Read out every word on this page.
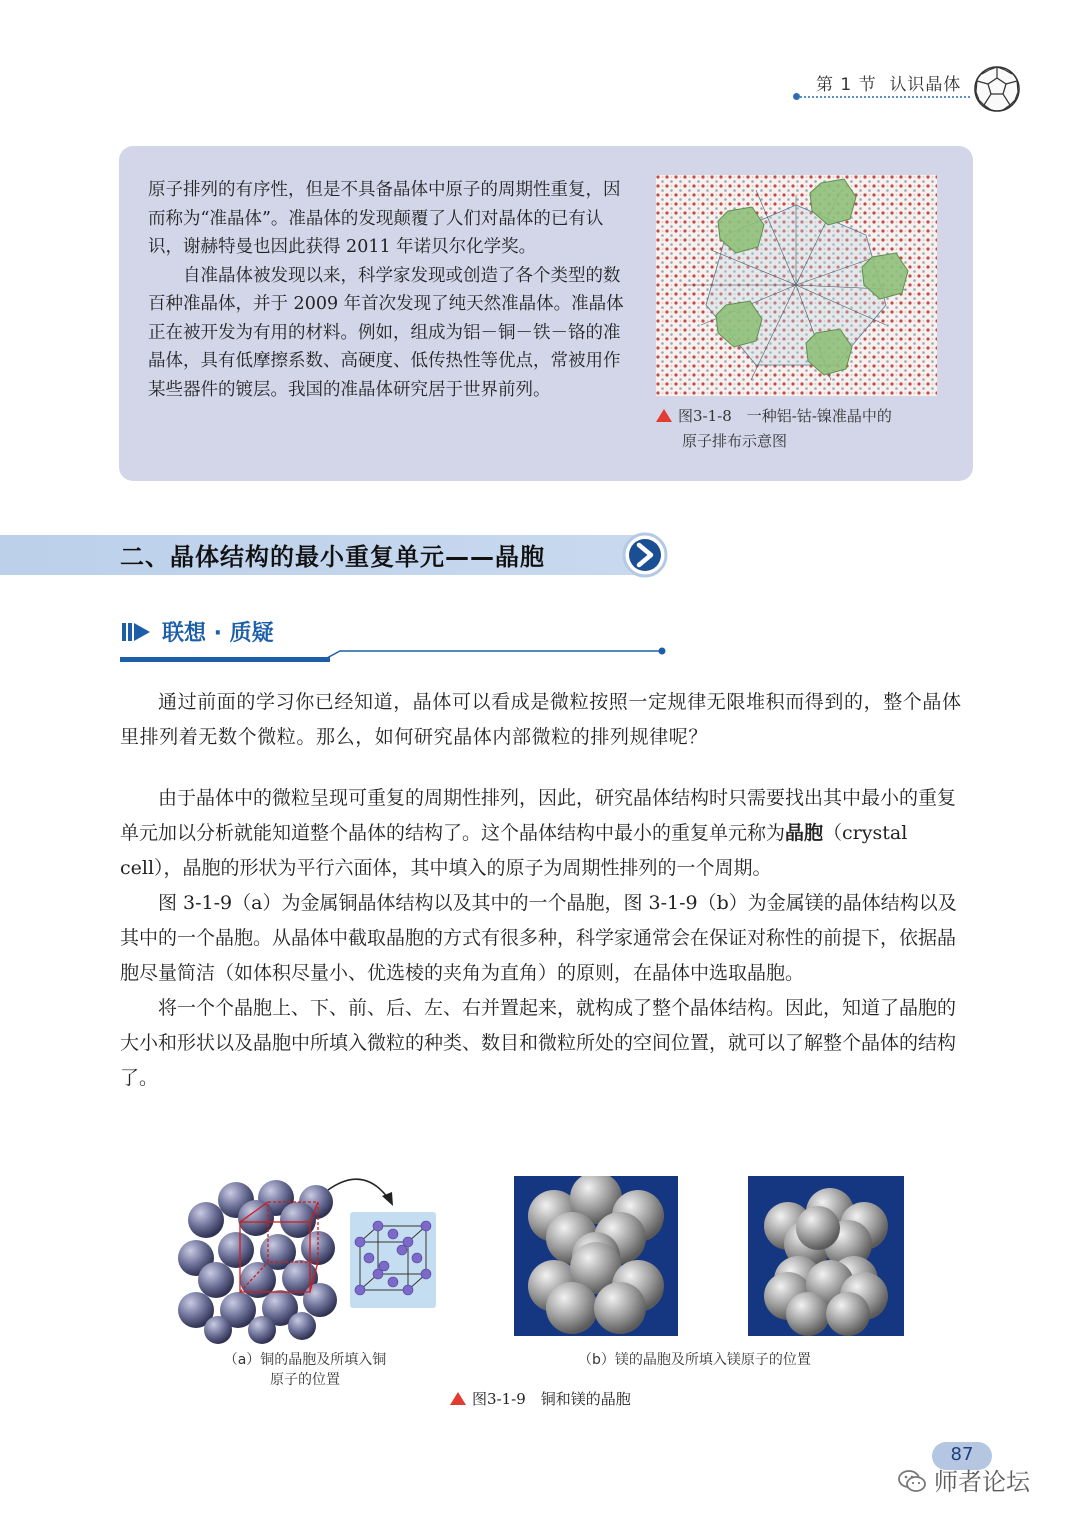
第 1 节 认识晶体

原子排列的有序性，但是不具备晶体中原子的周期性重复，因而称为“准晶体”。准晶体的发现颠覆了人们对晶体的已有认识，谢赫特曼也因此获得 2011 年诺贝尔化学奖。

自准晶体被发现以来，科学家发现或创造了各个类型的数百种准晶体，并于 2009 年首次发现了纯天然准晶体。准晶体正在被开发为有用的材料。例如，组成为铝－铜－铁－铬的准晶体，具有低摩擦系数、高硬度、低传热性等优点，常被用作某些器件的镀层。我国的准晶体研究居于世界前列。

图3-1-8　一种铝-钴-镍准晶中的
原子排布示意图
二、晶体结构的最小重复单元——晶胞
联想 · 质疑

通过前面的学习你已经知道，晶体可以看成是微粒按照一定规律无限堆积而得到的，整个晶体里排列着无数个微粒。那么，如何研究晶体内部微粒的排列规律呢？

由于晶体中的微粒呈现可重复的周期性排列，因此，研究晶体结构时只需要找出其中最小的重复单元加以分析就能知道整个晶体的结构了。这个晶体结构中最小的重复单元称为晶胞（crystal　cell），晶胞的形状为平行六面体，其中填入的原子为周期性排列的一个周期。

图 3-1-9（a）为金属铜晶体结构以及其中的一个晶胞，图 3-1-9（b）为金属镁的晶体结构以及其中的一个晶胞。从晶体中截取晶胞的方式有很多种，科学家通常会在保证对称性的前提下，依据晶胞尽量简洁（如体积尽量小、优选棱的夹角为直角）的原则，在晶体中选取晶胞。

将一个个晶胞上、下、前、后、左、右并置起来，就构成了整个晶体结构。因此，知道了晶胞的大小和形状以及晶胞中所填入微粒的种类、数目和微粒所处的空间位置，就可以了解整个晶体的结构了。

（a）铜的晶胞及所填入铜
原子的位置
（b）镁的晶胞及所填入镁原子的位置
图3-1-9　铜和镁的晶胞
87
师者论坛
